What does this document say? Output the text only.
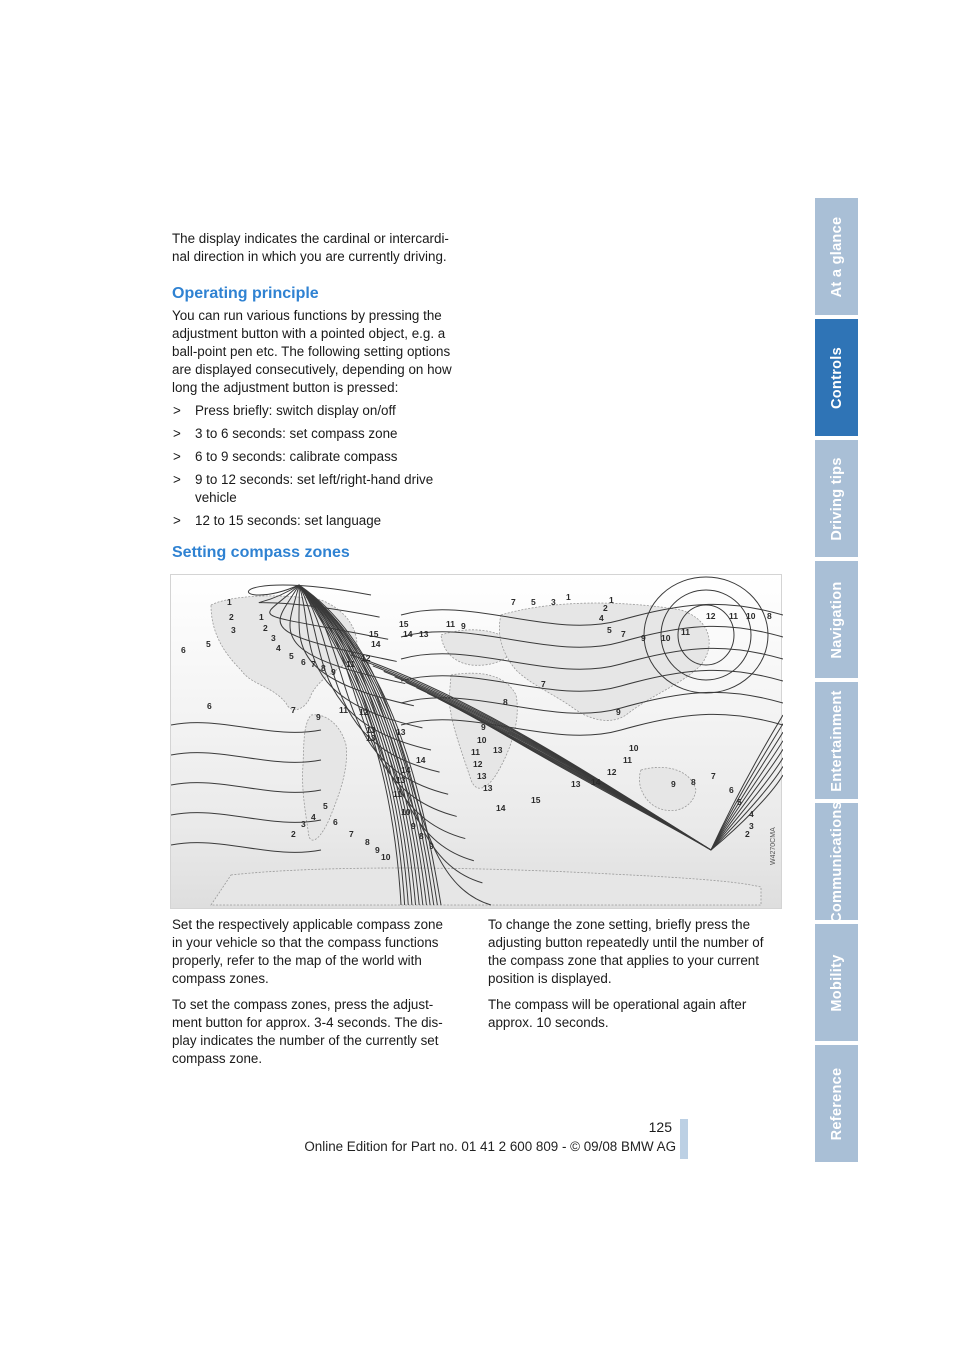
At a glance
Controls
Driving tips
Navigation
Entertainment
Communications
Mobility
Reference
The display indicates the cardinal or intercardi-
nal direction in which you are currently driving.
Operating principle
You can run various functions by pressing the
adjustment button with a pointed object, e.g. a
ball-point pen etc. The following setting options
are displayed consecutively, depending on how
long the adjustment button is pressed:
> Press briefly: switch display on/off
> 3 to 6 seconds: set compass zone
> 6 to 9 seconds: calibrate compass
> 9 to 12 seconds: set left/right-hand drive
vehicle
> 12 to 15 seconds: set language
Setting compass zones
1
2
3
6
5
1
2
3
4
5
6 7 8 9
11
12
15
14
15
14 13
11 9
7 5 3 1	1
2
4
5 7 9 10
11
12 11 10 8
7
8
9
10
11
12
13
13
13 13
14
13
11
10
9
8
9
7
9
11 12
13
6
5
6
7
8
9
10
4
3
2
14
15
13 14
12
11
10
9
8
7
6
5
4
3
2
9
14
13
W4270CMA
Set the respectively applicable compass zone
in your vehicle so that the compass functions
properly, refer to the map of the world with
compass zones.

To set the compass zones, press the adjust-
ment button for approx. 3-4 seconds. The dis-
play indicates the number of the currently set
compass zone.
To change the zone setting, briefly press the
adjusting button repeatedly until the number of
the compass zone that applies to your current
position is displayed.

The compass will be operational again after
approx. 10 seconds.
125
Online Edition for Part no. 01 41 2 600 809 - © 09/08 BMW AG
